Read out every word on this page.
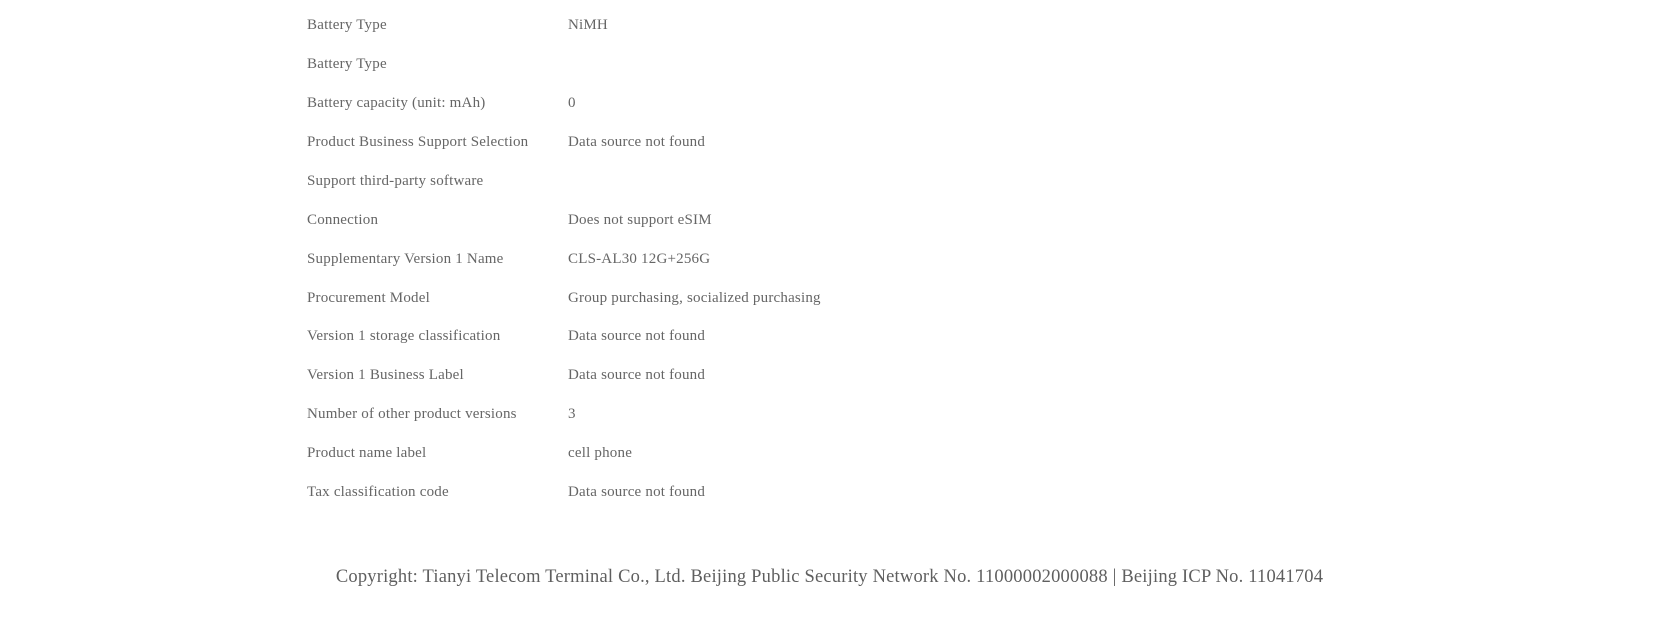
Battery Type	NiMH
Battery Type
Battery capacity (unit: mAh)	0
Product Business Support Selection	Data source not found
Support third-party software
Connection	Does not support eSIM
Supplementary Version 1 Name	CLS-AL30 12G+256G
Procurement Model	Group purchasing, socialized purchasing
Version 1 storage classification	Data source not found
Version 1 Business Label	Data source not found
Number of other product versions	3
Product name label	cell phone
Tax classification code	Data source not found
Copyright: Tianyi Telecom Terminal Co., Ltd. Beijing Public Security Network No. 11000002000088 | Beijing ICP No. 11041704
